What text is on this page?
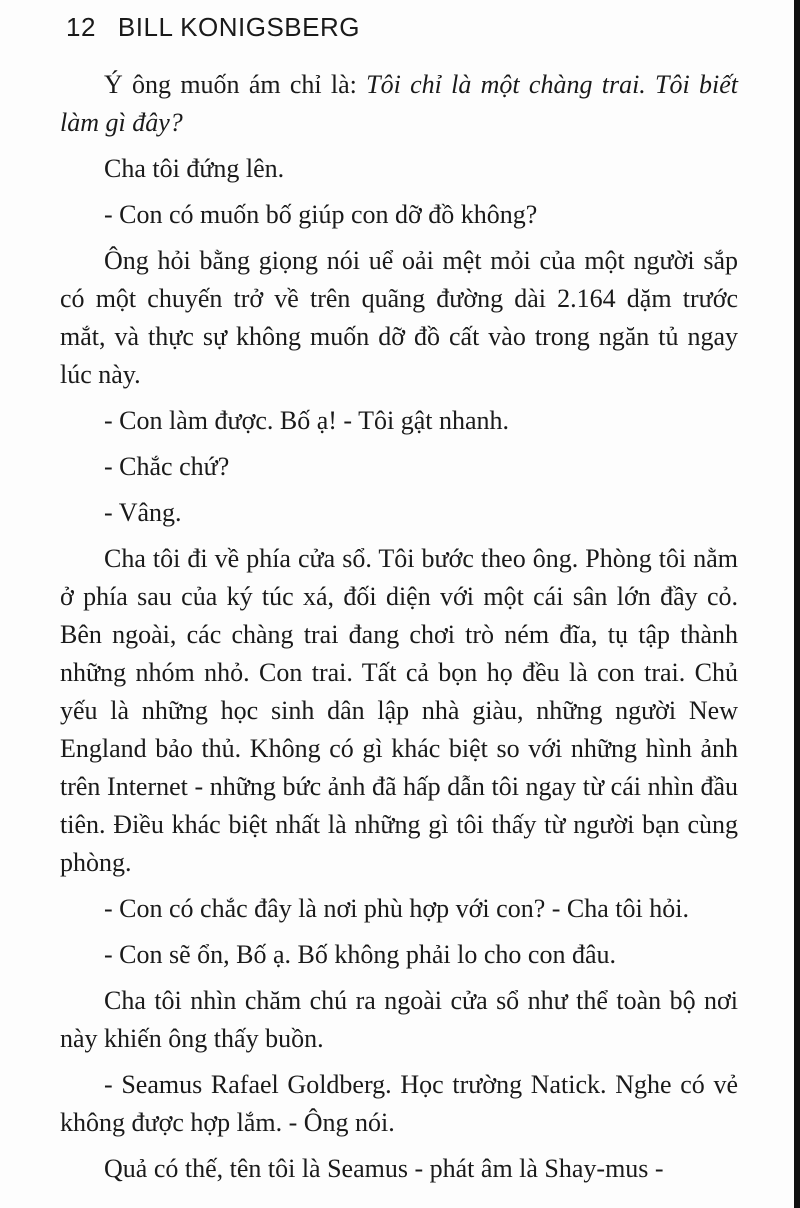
12 BILL KONIGSBERG

Ý ông muốn ám chỉ là: Tôi chỉ là một chàng trai. Tôi biết làm gì đây?

Cha tôi đứng lên.

- Con có muốn bố giúp con dỡ đồ không?

Ông hỏi bằng giọng nói uể oải mệt mỏi của một người sắp có một chuyến trở về trên quãng đường dài 2.164 dặm trước mắt, và thực sự không muốn dỡ đồ cất vào trong ngăn tủ ngay lúc này.

- Con làm được. Bố ạ! - Tôi gật nhanh.

- Chắc chứ?

- Vâng.

Cha tôi đi về phía cửa sổ. Tôi bước theo ông. Phòng tôi nằm ở phía sau của ký túc xá, đối diện với một cái sân lớn đầy cỏ. Bên ngoài, các chàng trai đang chơi trò ném đĩa, tụ tập thành những nhóm nhỏ. Con trai. Tất cả bọn họ đều là con trai. Chủ yếu là những học sinh dân lập nhà giàu, những người New England bảo thủ. Không có gì khác biệt so với những hình ảnh trên Internet - những bức ảnh đã hấp dẫn tôi ngay từ cái nhìn đầu tiên. Điều khác biệt nhất là những gì tôi thấy từ người bạn cùng phòng.

- Con có chắc đây là nơi phù hợp với con? - Cha tôi hỏi.

- Con sẽ ổn, Bố ạ. Bố không phải lo cho con đâu.

Cha tôi nhìn chăm chú ra ngoài cửa sổ như thể toàn bộ nơi này khiến ông thấy buồn.

- Seamus Rafael Goldberg. Học trường Natick. Nghe có vẻ không được hợp lắm. - Ông nói.

Quả có thế, tên tôi là Seamus - phát âm là Shay-mus -
